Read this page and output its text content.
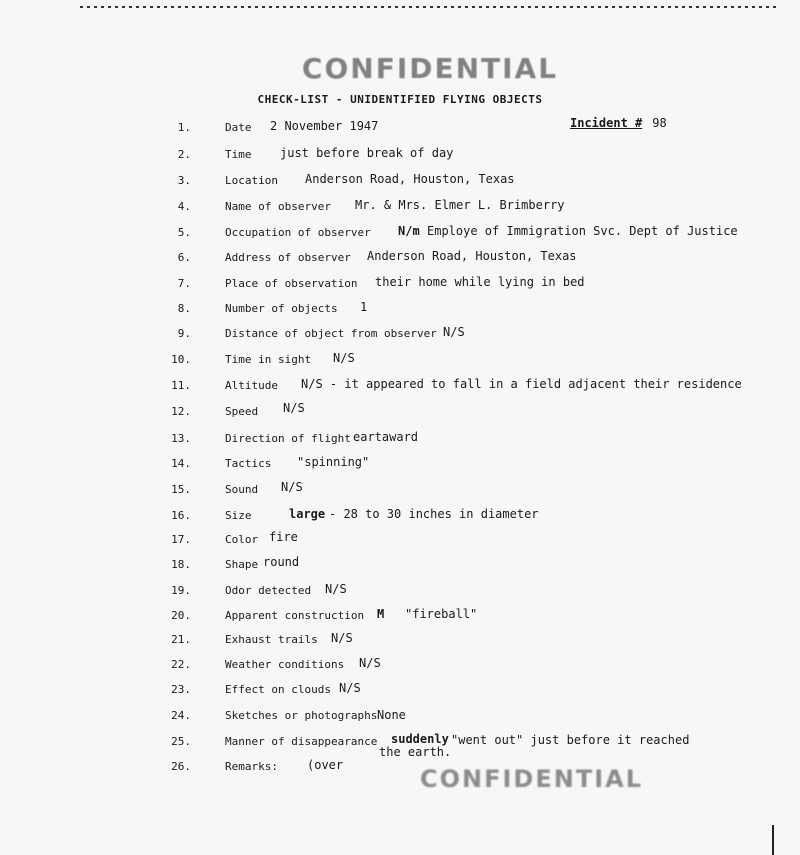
CONFIDENTIAL
CHECK-LIST - UNIDENTIFIED FLYING OBJECTS
Incident # 98
1.	Date 2 November 1947
2.	Time just before break of day
3.	Location Anderson Road, Houston, Texas
4.	Name of observer Mr. & Mrs. Elmer L. Brimberry
5.	Occupation of observer N/m Employe of Immigration Svc. Dept of Justice
6.	Address of observer Anderson Road, Houston, Texas
7.	Place of observation their home while lying in bed
8.	Number of objects 1
9.	Distance of object from observer N/S
10.	Time in sight N/S
11.	Altitude N/S - it appeared to fall in a field adjacent their residence
12.	Speed N/S
13.	Direction of flight eartaward
14.	Tactics "spinning"
15.	Sound N/S
16.	Size	large - 28 to 30 inches in diameter
17.	Color fire
18.	Shape round
19.	Odor detected N/S
20.	Apparent construction M "fireball"
21.	Exhaust trails N/S
22.	Weather conditions N/S
23.	Effect on clouds N/S
24.	Sketches or photographs None
25.	Manner of disappearance suddenly "went out" just before it reached
the earth.
26.	Remarks: (over	CONFIDENTIAL
